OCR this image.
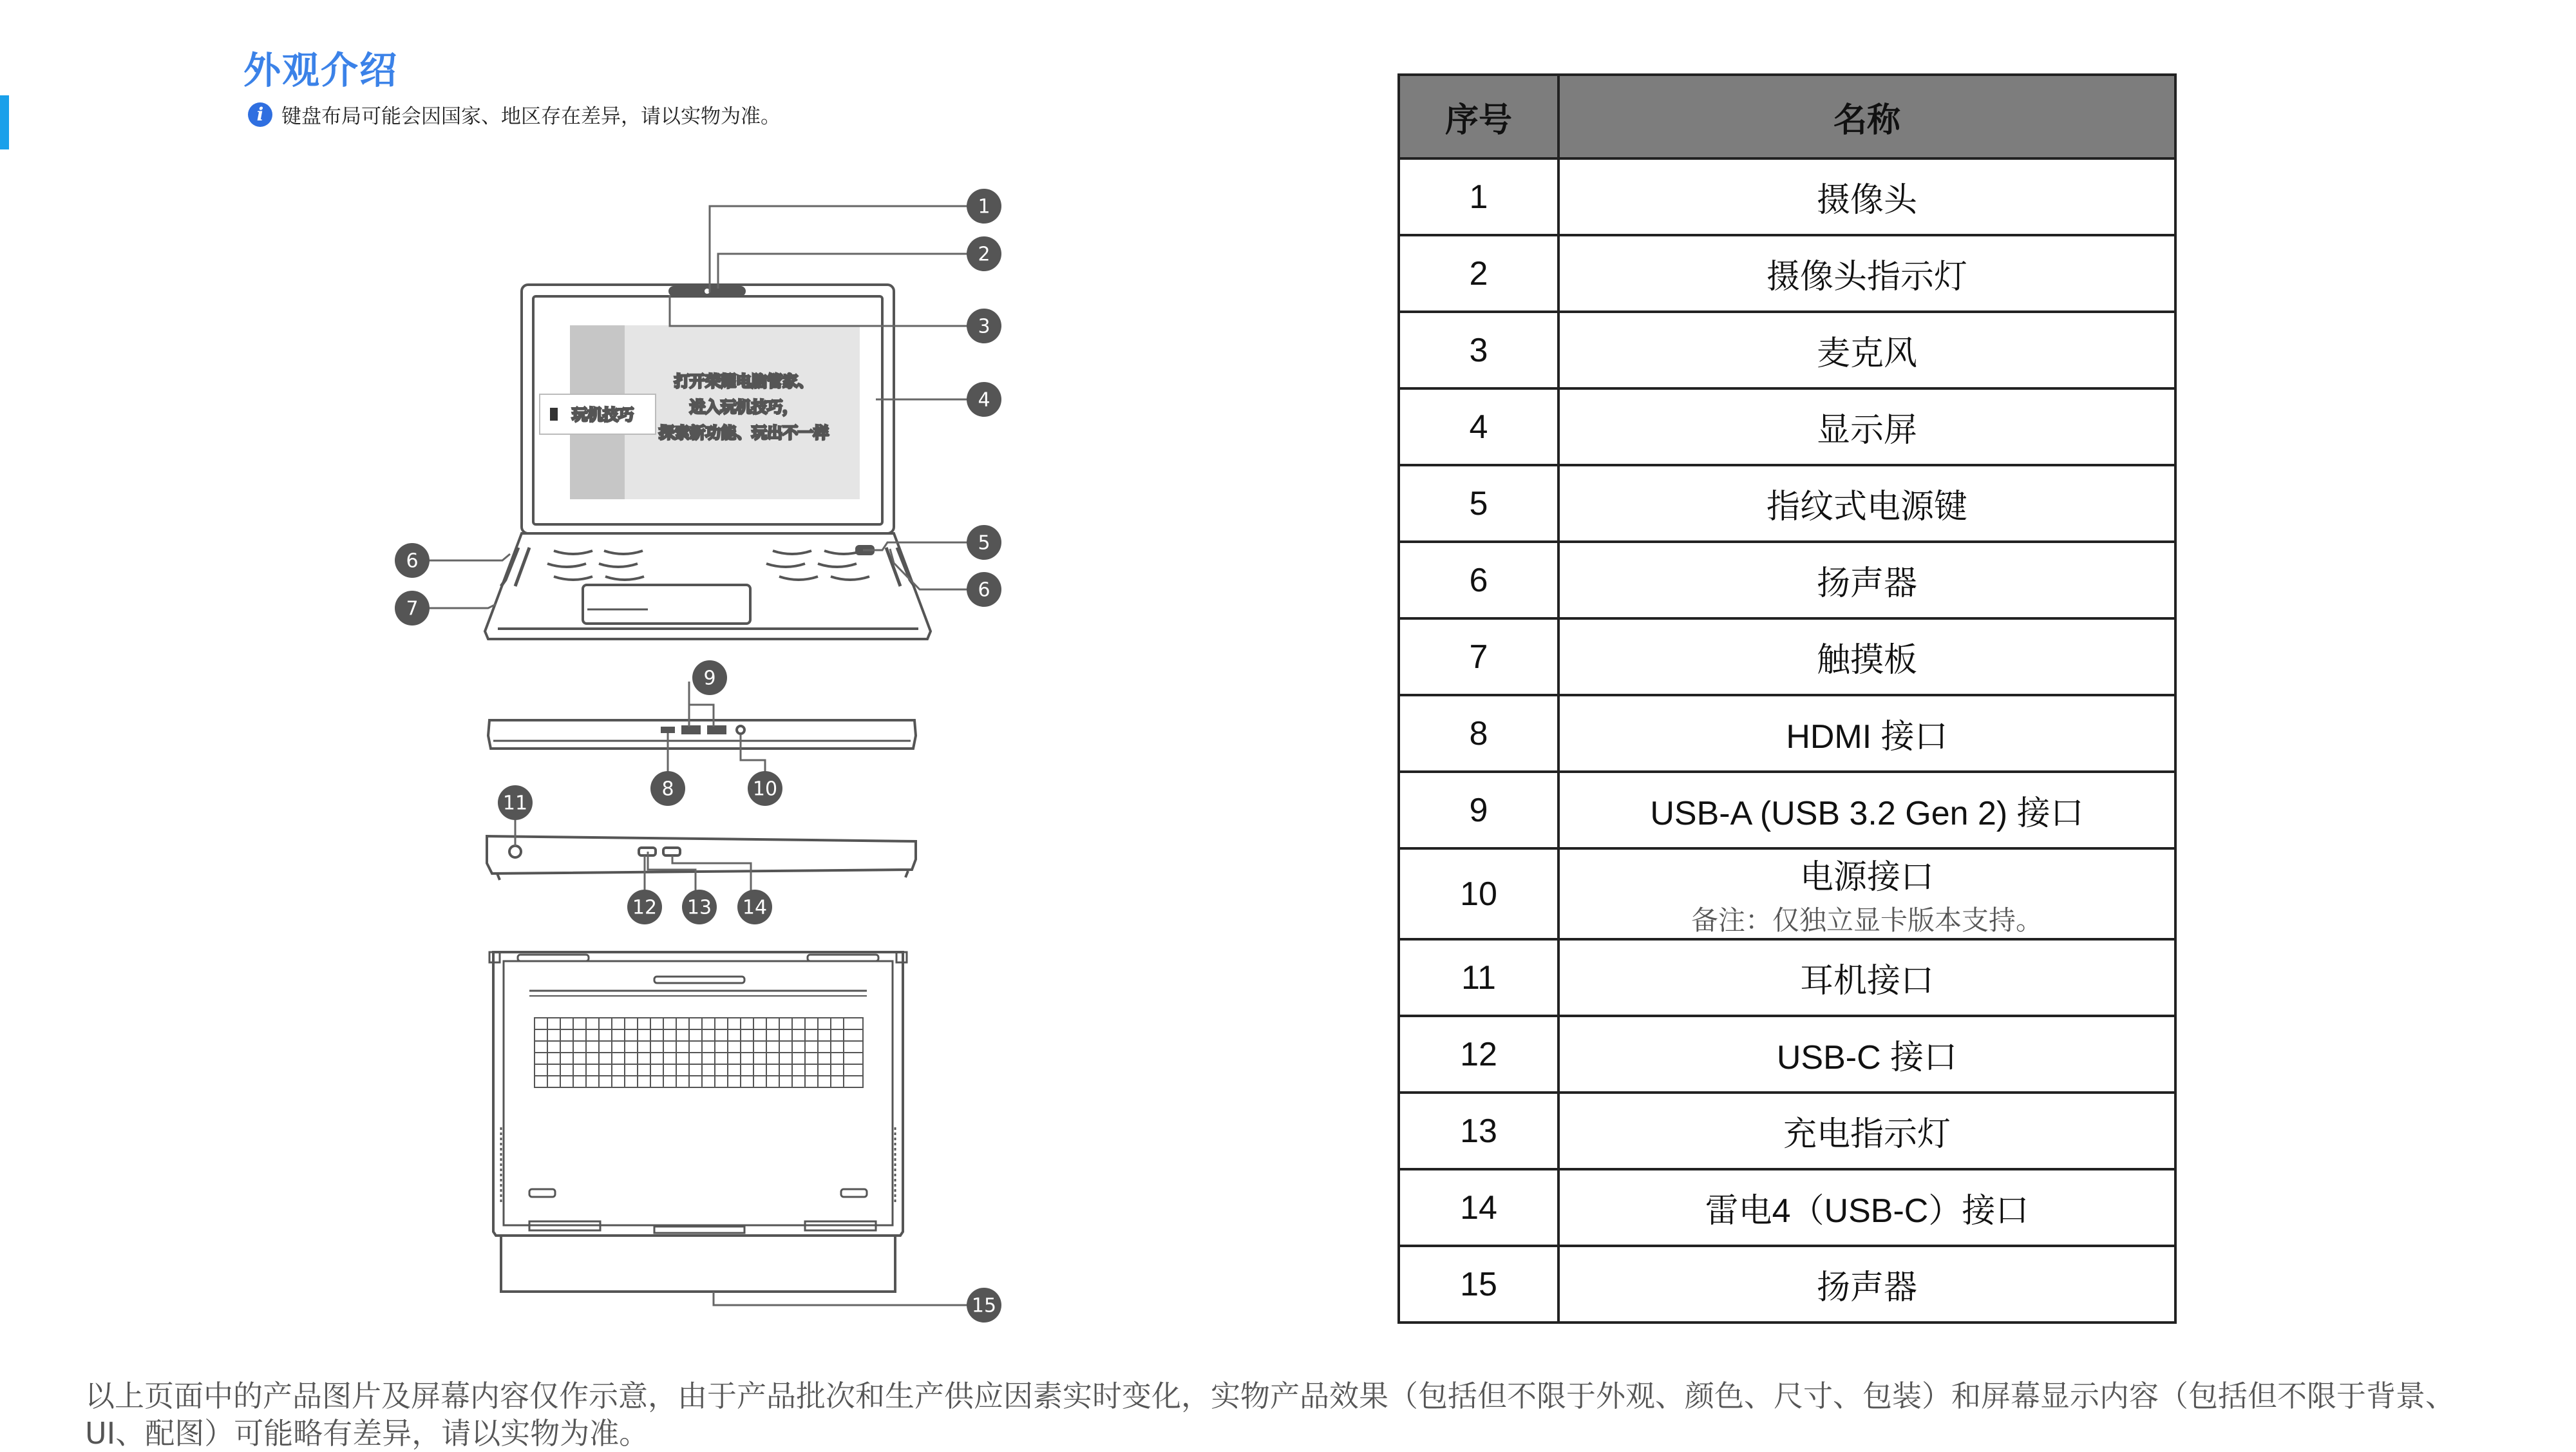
外观介绍
i 键盘布局可能会因国家、地区存在差异，请以实物为准。
玩机技巧
打开荣耀电脑管家、
进入玩机技巧，
探索新功能、玩出不一样
1
2
3
4
5
6
6
7
9
8	10
11
12 13 14
15
序号	名称
1	摄像头
2	摄像头指示灯
3	麦克风
4	显示屏
5	指纹式电源键
6	扬声器
7	触摸板
8	HDMI 接口
9	USB-A (USB 3.2 Gen 2) 接口
10	电源接口
备注：仅独立显卡版本支持。

11	耳机接口
12	USB-C 接口
13	充电指示灯
14	雷电4（USB-C）接口
15	扬声器
以上页面中的产品图片及屏幕内容仅作示意，由于产品批次和生产供应因素实时变化，实物产品效果（包括但不限于外观、颜色、尺寸、包装）和屏幕显示内容（包括但不限于背景、UI、配图）可能略有差异，请以实物为准。
